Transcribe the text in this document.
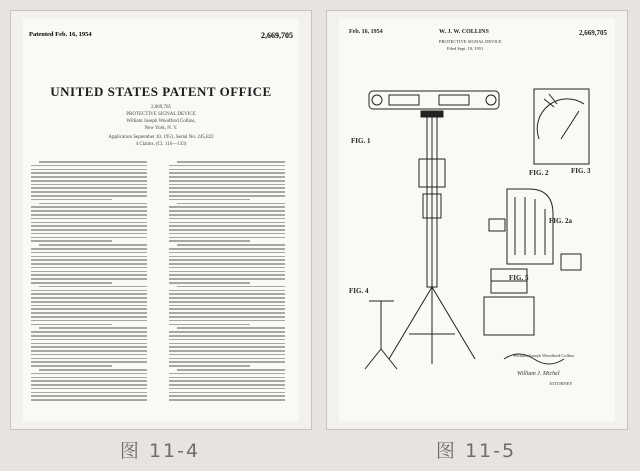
Patented Feb. 16, 1954	2,669,705
UNITED STATES PATENT OFFICE
2,669,705
PROTECTIVE SIGNAL DEVICE
William Joseph Woodford Collins,
New York, N. Y.
Application September 10, 1951, Serial No. 245,822
4 Claims. (Cl. 116—133)
图 11-4
Feb. 16, 1954	W. J. W. COLLINS	2,669,705
PROTECTIVE SIGNAL DEVICE
Filed Sept. 10, 1951
FIG. 1
FIG. 2	FIG. 3
FIG. 4
FIG. 5
FIG. 2a
William Joseph Woodford Collins
William J. Michel
ATTORNEY
图 11-5
